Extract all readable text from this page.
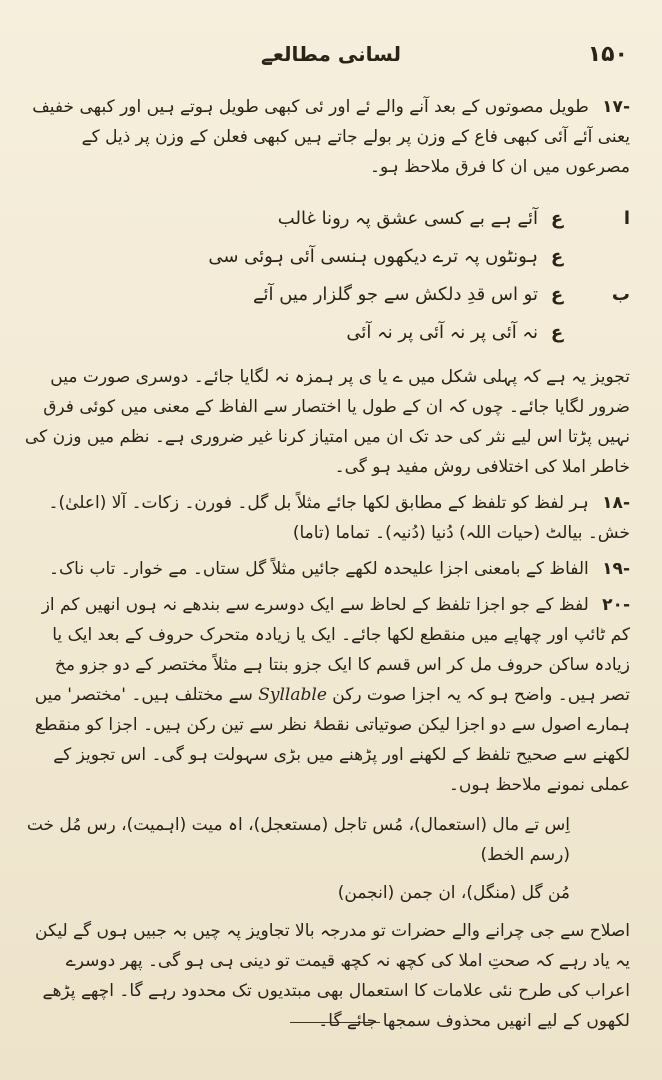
۱۵۰
لسانی مطالعے

-۱۷ طویل مصوتوں کے بعد آنے والے ئے اور ئی کبھی طویل ہوتے ہیں اور کبھی خفیف یعنی آئے آئی کبھی فاع کے وزن پر بولے جاتے ہیں کبھی فعلن کے وزن پر ذیل کے مصرعوں میں ان کا فرق ملاحظ ہو۔

ا
ع
آئے ہے بے کسی عشق پہ رونا غالب
ع
ہونٹوں پہ ترے دیکھوں ہنسی آئی ہوئی سی
ب
ع
تو اس قدِ دلکش سے جو گلزار میں آئے
ع
نہ آئی پر نہ آئی پر نہ آئی

تجویز یہ ہے کہ پہلی شکل میں ے یا ی پر ہمزہ نہ لگایا جائے۔ دوسری صورت میں ضرور لگایا جائے۔ چوں کہ ان کے طول یا اختصار سے الفاظ کے معنی میں کوئی فرق نہیں پڑتا اس لیے نثر کی حد تک ان میں امتیاز کرنا غیر ضروری ہے۔ نظم میں وزن کی خاطر املا کی اختلافی روش مفید ہو گی۔

-۱۸ ہر لفظ کو تلفظ کے مطابق لکھا جائے مثلاً بل گل۔ فورن۔ زکات۔ آلا (اعلیٰ)۔ خش۔ بیالٹ (حیات اللہ) دُنیا (دُنیہ)۔ تماما (تاما)

-۱۹ الفاظ کے بامعنی اجزا علیحدہ لکھے جائیں مثلاً گل ستاں۔ مے خوار۔ تاب ناک۔

-۲۰ لفظ کے جو اجزا تلفظ کے لحاظ سے ایک دوسرے سے بندھے نہ ہوں انھیں کم از کم ٹائپ اور چھاپے میں منقطع لکھا جائے۔ ایک یا زیادہ متحرک حروف کے بعد ایک یا زیادہ ساکن حروف مل کر اس قسم کا ایک جزو بنتا ہے مثلاً مختصر کے دو جزو مخ تصر ہیں۔ واضح ہو کہ یہ اجزا صوت رکن Syllable سے مختلف ہیں۔ 'مختصر' میں ہمارے اصول سے دو اجزا لیکن صوتیاتی نقطۂ نظر سے تین رکن ہیں۔ اجزا کو منقطع لکھنے سے صحیح تلفظ کے لکھنے اور پڑھنے میں بڑی سہولت ہو گی۔ اس تجویز کے عملی نمونے ملاحظ ہوں۔

اِس تے مال (استعمال)، مُس تاجل (مستعجل)، اہ میت (اہمیت)، رس مُل خت (رسم الخط)

مُن گل (منگل)، ان جمن (انجمن)

اصلاح سے جی چرانے والے حضرات تو مدرجہ بالا تجاویز پہ چیں بہ جبیں ہوں گے لیکن یہ یاد رہے کہ صحتِ املا کی کچھ نہ کچھ قیمت تو دینی ہی ہو گی۔ پھر دوسرے اعراب کی طرح نئی علامات کا استعمال بھی مبتدیوں تک محدود رہے گا۔ اچھے پڑھے لکھوں کے لیے انھیں محذوف سمجھا جائے گا۔
